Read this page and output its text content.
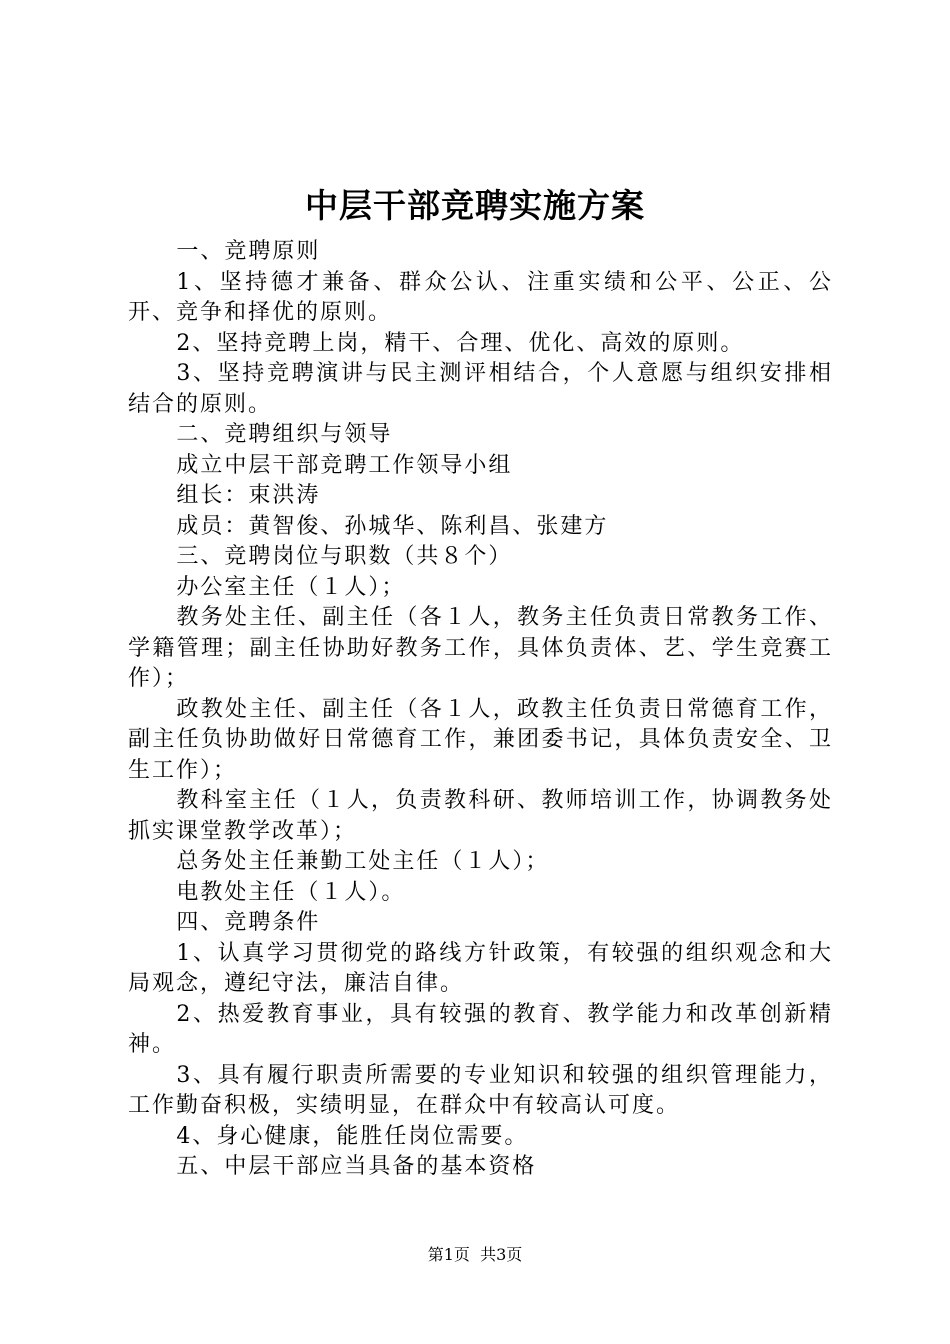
中层干部竞聘实施方案

一、竞聘原则

1、坚持德才兼备、群众公认、注重实绩和公平、公正、公开、竞争和择优的原则。

2、坚持竞聘上岗，精干、合理、优化、高效的原则。

3、坚持竞聘演讲与民主测评相结合，个人意愿与组织安排相结合的原则。

二、竞聘组织与领导

成立中层干部竞聘工作领导小组

组长：束洪涛

成员：黄智俊、孙城华、陈利昌、张建方

三、竞聘岗位与职数（共８个）

办公室主任（１人）；

教务处主任、副主任（各１人，教务主任负责日常教务工作、学籍管理；副主任协助好教务工作，具体负责体、艺、学生竞赛工作）；

政教处主任、副主任（各１人，政教主任负责日常德育工作，副主任负协助做好日常德育工作，兼团委书记，具体负责安全、卫生工作）；

教科室主任（１人，负责教科研、教师培训工作，协调教务处抓实课堂教学改革）；

总务处主任兼勤工处主任（１人）；

电教处主任（１人）。

四、竞聘条件

1、认真学习贯彻党的路线方针政策，有较强的组织观念和大局观念，遵纪守法，廉洁自律。

2、热爱教育事业，具有较强的教育、教学能力和改革创新精神。

3、具有履行职责所需要的专业知识和较强的组织管理能力，工作勤奋积极，实绩明显，在群众中有较高认可度。

4、身心健康，能胜任岗位需要。

五、中层干部应当具备的基本资格

第1页 共3页
